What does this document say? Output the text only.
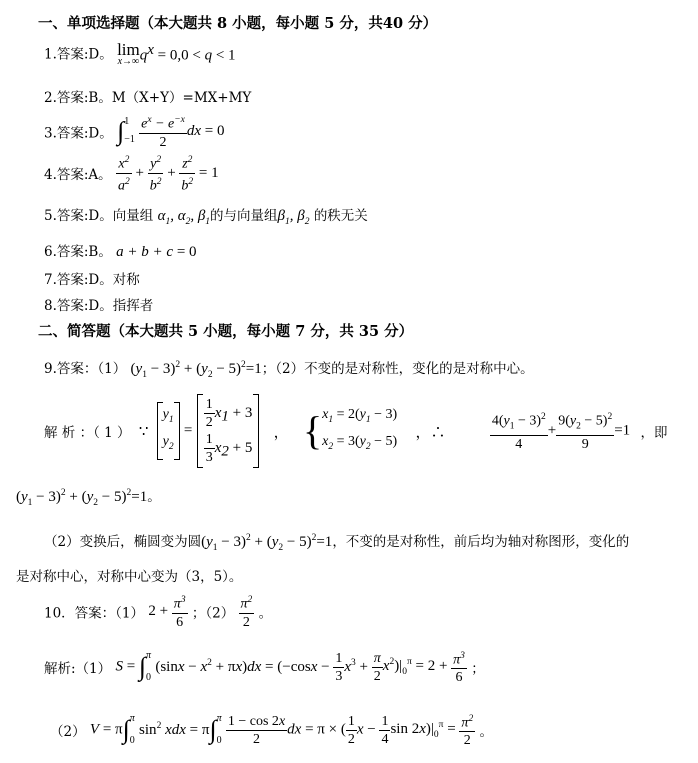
一、单项选择题（本大题共 8 小题，每小题 5 分，共40 分）
1.答案:D。 lim
x→∞ $q^x = 0,0 < q < 1$
2.答案:B。M（X+Y）=MX+MY
3.答案:D。 ∫ 1
−1
$\frac{e^x - e^{-x}}{2}$ dx = 0
4.答案:A。 $\frac{x^2}{a^2} + \frac{y^2}{b^2} + \frac{z^2}{b^2} = 1$
5.答案:D。向量组 $\alpha_1$, $\alpha_2$, $\beta_1$的与向量组$\beta_1$, $\beta_2$ 的秩无关
6.答案:B。 a + b + c = 0
7.答案:D。对称
8.答案:D。指挥者
二、简答题（本大题共 5 小题，每小题 7 分，共 35 分）
9.答案：（1） $(y_1 - 3)^2 + (y_2 - 5)^2=1$；（2）不变的是对称性，变化的是对称中心。
解 析 ：（ 1 ） ∵
$y_1$
$y_2$
= $\frac{1}{2} x_1 + 3$
$\frac{1}{3} x_2 + 5$
， { $x_1 = 2(y_1 - 3)$
$x_2 = 3(y_2 - 5)$
，∴	$\frac{4(y_1 - 3)^2}{4} + \frac{9(y_2 - 5)^2}{9} =1$ ，即
$(y_1 - 3)^2 + (y_2 - 5)^2=1$。
（2）变换后，椭圆变为圆$(y_1 - 3)^2 + (y_2 - 5)^2=1$，不变的是对称性，前后均为轴对称图形，变化的
是对称中心，对称中心变为（3，5）。
10．答案：（1） $2 + \frac{\pi^3}{6}$ ；$(2) \frac{\pi^2}{2}$ 。
解析:（1） S = ∫ π
0
$(\sin x - x^2 + \pi x)dx = (-\cos x - \frac{1}{3} x^3 + \frac{\pi}{2} x^2)|_0^\pi = 2 + \frac{\pi^3}{6}$ ；
（2） V = π∫ π
0
$\sin^2$ xdx = π∫ π
0
$\frac{1 - \cos 2x}{2}$ dx = π × ( $\frac{1}{2}$ $x - \frac{1}{4}$ $\sin 2x)|_0^\pi = \frac{\pi^2}{2}$ 。
